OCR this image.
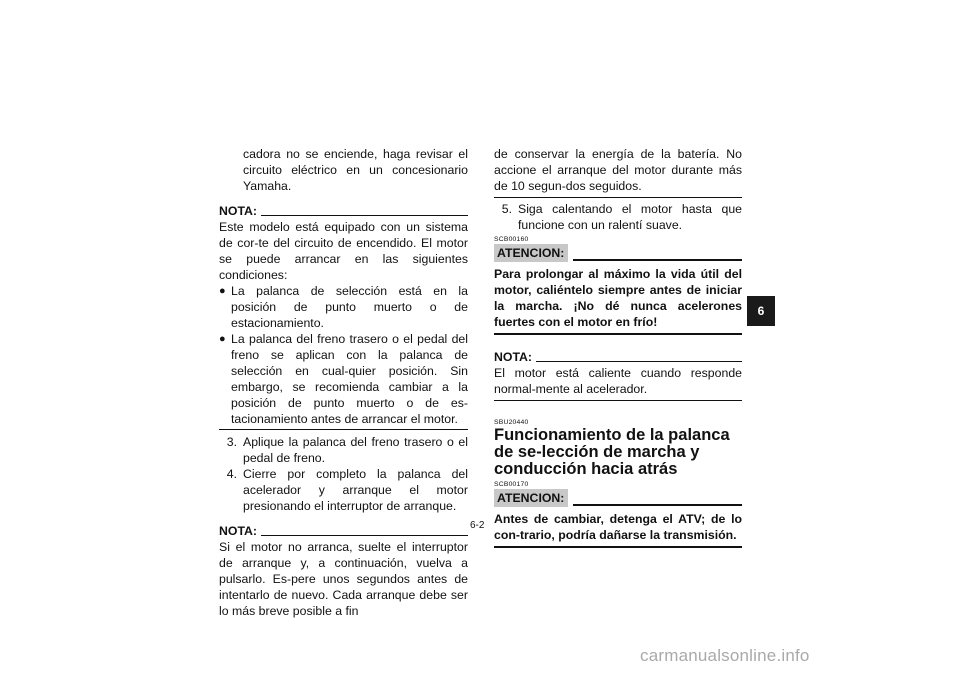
cadora no se enciende, haga revisar el circuito eléctrico en un concesionario Yamaha.
NOTA:
Este modelo está equipado con un sistema de cor-te del circuito de encendido. El motor se puede arrancar en las siguientes condiciones:
● La palanca de selección está en la posición de punto muerto o de estacionamiento.
● La palanca del freno trasero o el pedal del freno se aplican con la palanca de selección en cual-quier posición. Sin embargo, se recomienda cambiar a la posición de punto muerto o de es-tacionamiento antes de arrancar el motor.
3. Aplique la palanca del freno trasero o el pedal de freno.
4. Cierre por completo la palanca del acelerador y arranque el motor presionando el interruptor de arranque.
NOTA:
Si el motor no arranca, suelte el interruptor de arranque y, a continuación, vuelva a pulsarlo. Es-pere unos segundos antes de intentarlo de nuevo. Cada arranque debe ser lo más breve posible a fin
de conservar la energía de la batería. No accione el arranque del motor durante más de 10 segun-dos seguidos.
5. Siga calentando el motor hasta que funcione con un ralentí suave.
SCB00160
ATENCION:
Para prolongar al máximo la vida útil del motor, caliéntelo siempre antes de iniciar la marcha. ¡No dé nunca acelerones fuertes con el motor en frío!
NOTA:
El motor está caliente cuando responde normal-mente al acelerador.
SBU20440
Funcionamiento de la palanca de se-lección de marcha y conducción hacia atrás
SCB00170
ATENCION:
Antes de cambiar, detenga el ATV; de lo con-trario, podría dañarse la transmisión.
6
6-2
carmanualsonline.info
